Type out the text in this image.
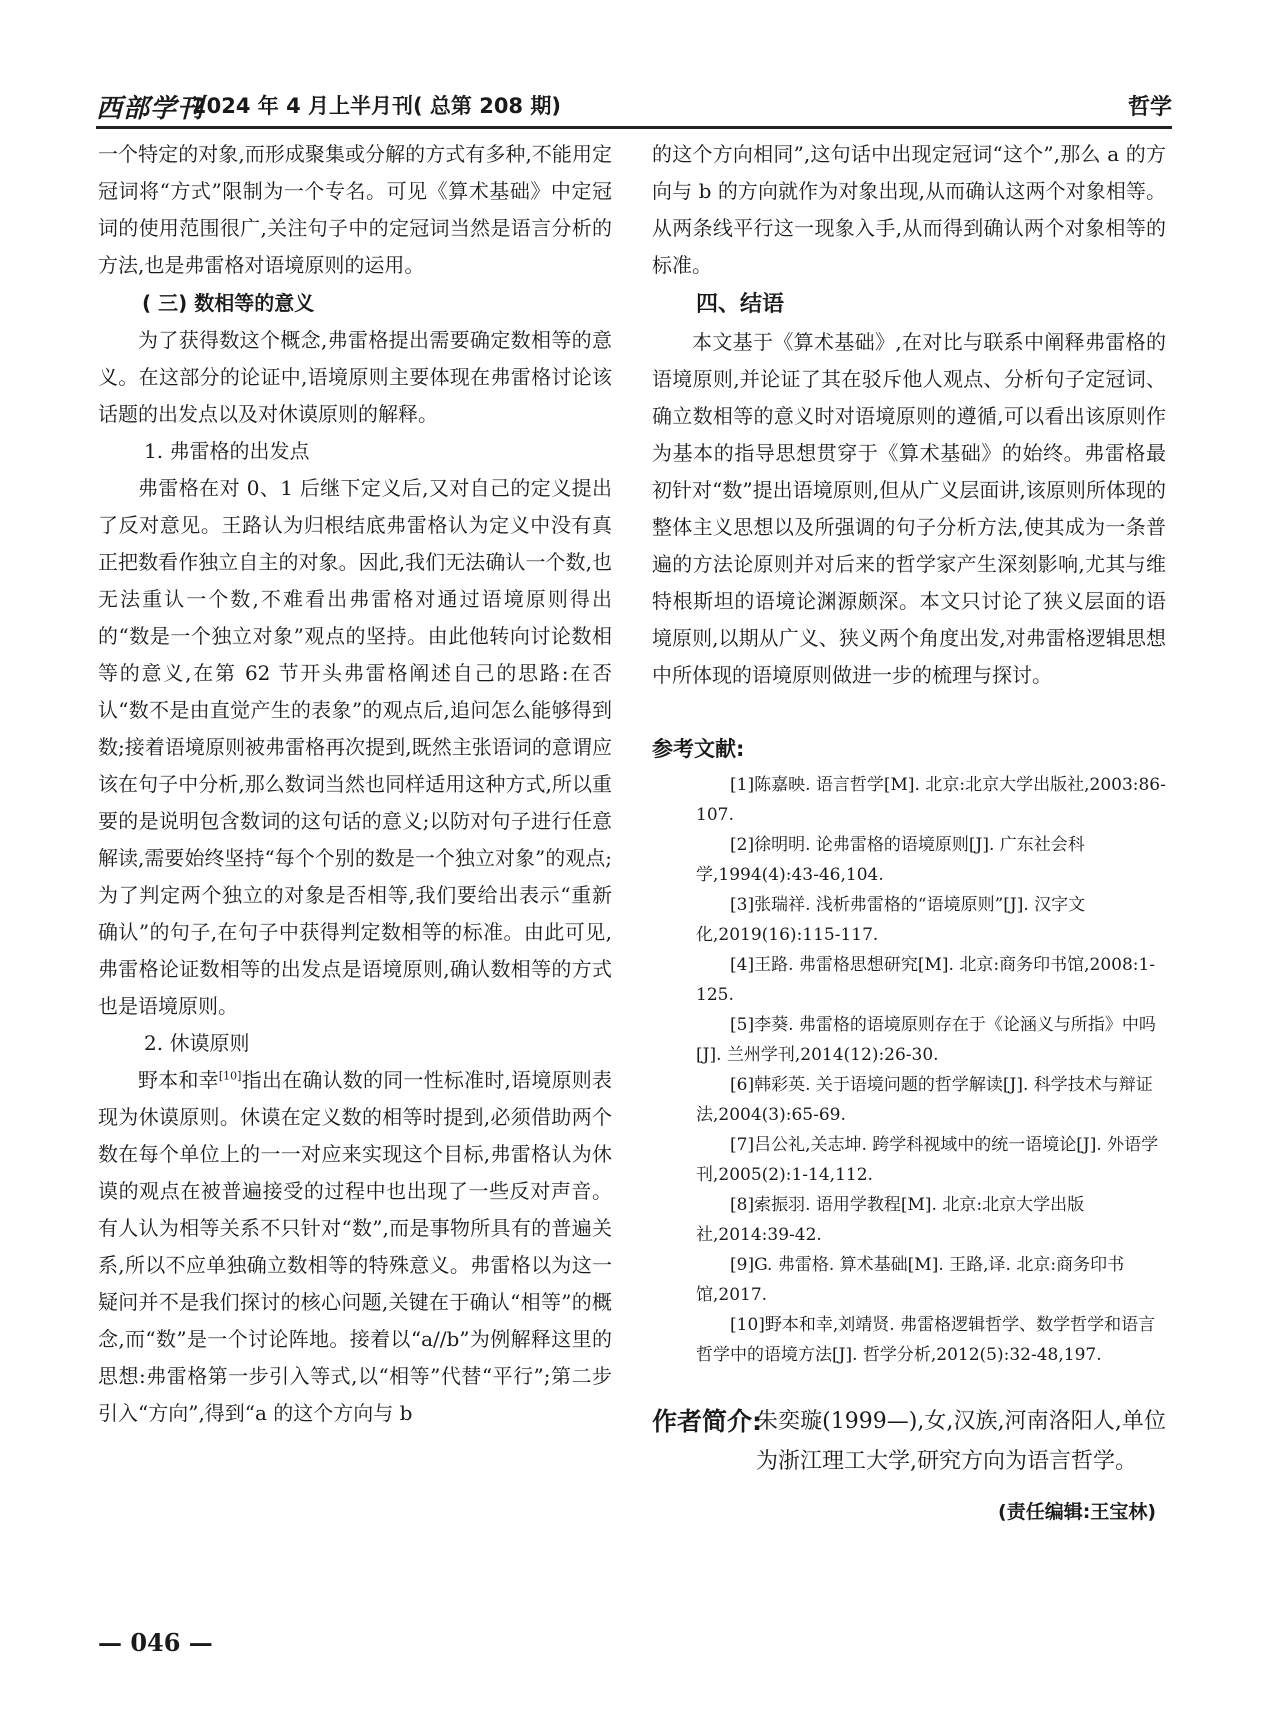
西部学刊
2024 年 4 月上半月刊( 总第 208 期)	哲学

一个特定的对象,而形成聚集或分解的方式有多种,不能用定冠词将“方式”限制为一个专名。可见《算术基础》中定冠词的使用范围很广,关注句子中的定冠词当然是语言分析的方法,也是弗雷格对语境原则的运用。

( 三) 数相等的意义

为了获得数这个概念,弗雷格提出需要确定数相等的意义。在这部分的论证中,语境原则主要体现在弗雷格讨论该话题的出发点以及对休谟原则的解释。

1. 弗雷格的出发点

弗雷格在对 0、1 后继下定义后,又对自己的定义提出了反对意见。王路认为归根结底弗雷格认为定义中没有真正把数看作独立自主的对象。因此,我们无法确认一个数,也无法重认一个数,不难看出弗雷格对通过语境原则得出的“数是一个独立对象”观点的坚持。由此他转向讨论数相等的意义,在第 62 节开头弗雷格阐述自己的思路:在否认“数不是由直觉产生的表象”的观点后,追问怎么能够得到数;接着语境原则被弗雷格再次提到,既然主张语词的意谓应该在句子中分析,那么数词当然也同样适用这种方式,所以重要的是说明包含数词的这句话的意义;以防对句子进行任意解读,需要始终坚持“每个个别的数是一个独立对象”的观点;为了判定两个独立的对象是否相等,我们要给出表示“重新确认”的句子,在句子中获得判定数相等的标准。由此可见,弗雷格论证数相等的出发点是语境原则,确认数相等的方式也是语境原则。

2. 休谟原则

野本和幸[10]指出在确认数的同一性标准时,语境原则表现为休谟原则。休谟在定义数的相等时提到,必须借助两个数在每个单位上的一一对应来实现这个目标,弗雷格认为休谟的观点在被普遍接受的过程中也出现了一些反对声音。有人认为相等关系不只针对“数”,而是事物所具有的普遍关系,所以不应单独确立数相等的特殊意义。弗雷格以为这一疑问并不是我们探讨的核心问题,关键在于确认“相等”的概念,而“数”是一个讨论阵地。接着以“a//b”为例解释这里的思想:弗雷格第一步引入等式,以“相等”代替“平行”;第二步引入“方向”,得到“a 的这个方向与 b

的这个方向相同”,这句话中出现定冠词“这个”,那么 a 的方向与 b 的方向就作为对象出现,从而确认这两个对象相等。从两条线平行这一现象入手,从而得到确认两个对象相等的标准。

四、结语

本文基于《算术基础》,在对比与联系中阐释弗雷格的语境原则,并论证了其在驳斥他人观点、分析句子定冠词、确立数相等的意义时对语境原则的遵循,可以看出该原则作为基本的指导思想贯穿于《算术基础》的始终。弗雷格最初针对“数”提出语境原则,但从广义层面讲,该原则所体现的整体主义思想以及所强调的句子分析方法,使其成为一条普遍的方法论原则并对后来的哲学家产生深刻影响,尤其与维特根斯坦的语境论渊源颇深。本文只讨论了狭义层面的语境原则,以期从广义、狭义两个角度出发,对弗雷格逻辑思想中所体现的语境原则做进一步的梳理与探讨。

参考文献:

[1]陈嘉映. 语言哲学[M]. 北京:北京大学出版社,2003:86-107.

[2]徐明明. 论弗雷格的语境原则[J]. 广东社会科学,1994(4):43-46,104.

[3]张瑞祥. 浅析弗雷格的“语境原则”[J]. 汉字文化,2019(16):115-117.

[4]王路. 弗雷格思想研究[M]. 北京:商务印书馆,2008:1-125.

[5]李葵. 弗雷格的语境原则存在于《论涵义与所指》中吗[J]. 兰州学刊,2014(12):26-30.

[6]韩彩英. 关于语境问题的哲学解读[J]. 科学技术与辩证法,2004(3):65-69.

[7]吕公礼,关志坤. 跨学科视域中的统一语境论[J]. 外语学刊,2005(2):1-14,112.

[8]索振羽. 语用学教程[M]. 北京:北京大学出版社,2014:39-42.

[9]G. 弗雷格. 算术基础[M]. 王路,译. 北京:商务印书馆,2017.

[10]野本和幸,刘靖贤. 弗雷格逻辑哲学、数学哲学和语言哲学中的语境方法[J]. 哲学分析,2012(5):32-48,197.

作者简介:
朱奕璇(1999—),女,汉族,河南洛阳人,单位为浙江理工大学,研究方向为语言哲学。
(责任编辑:王宝林)
— 046 —
